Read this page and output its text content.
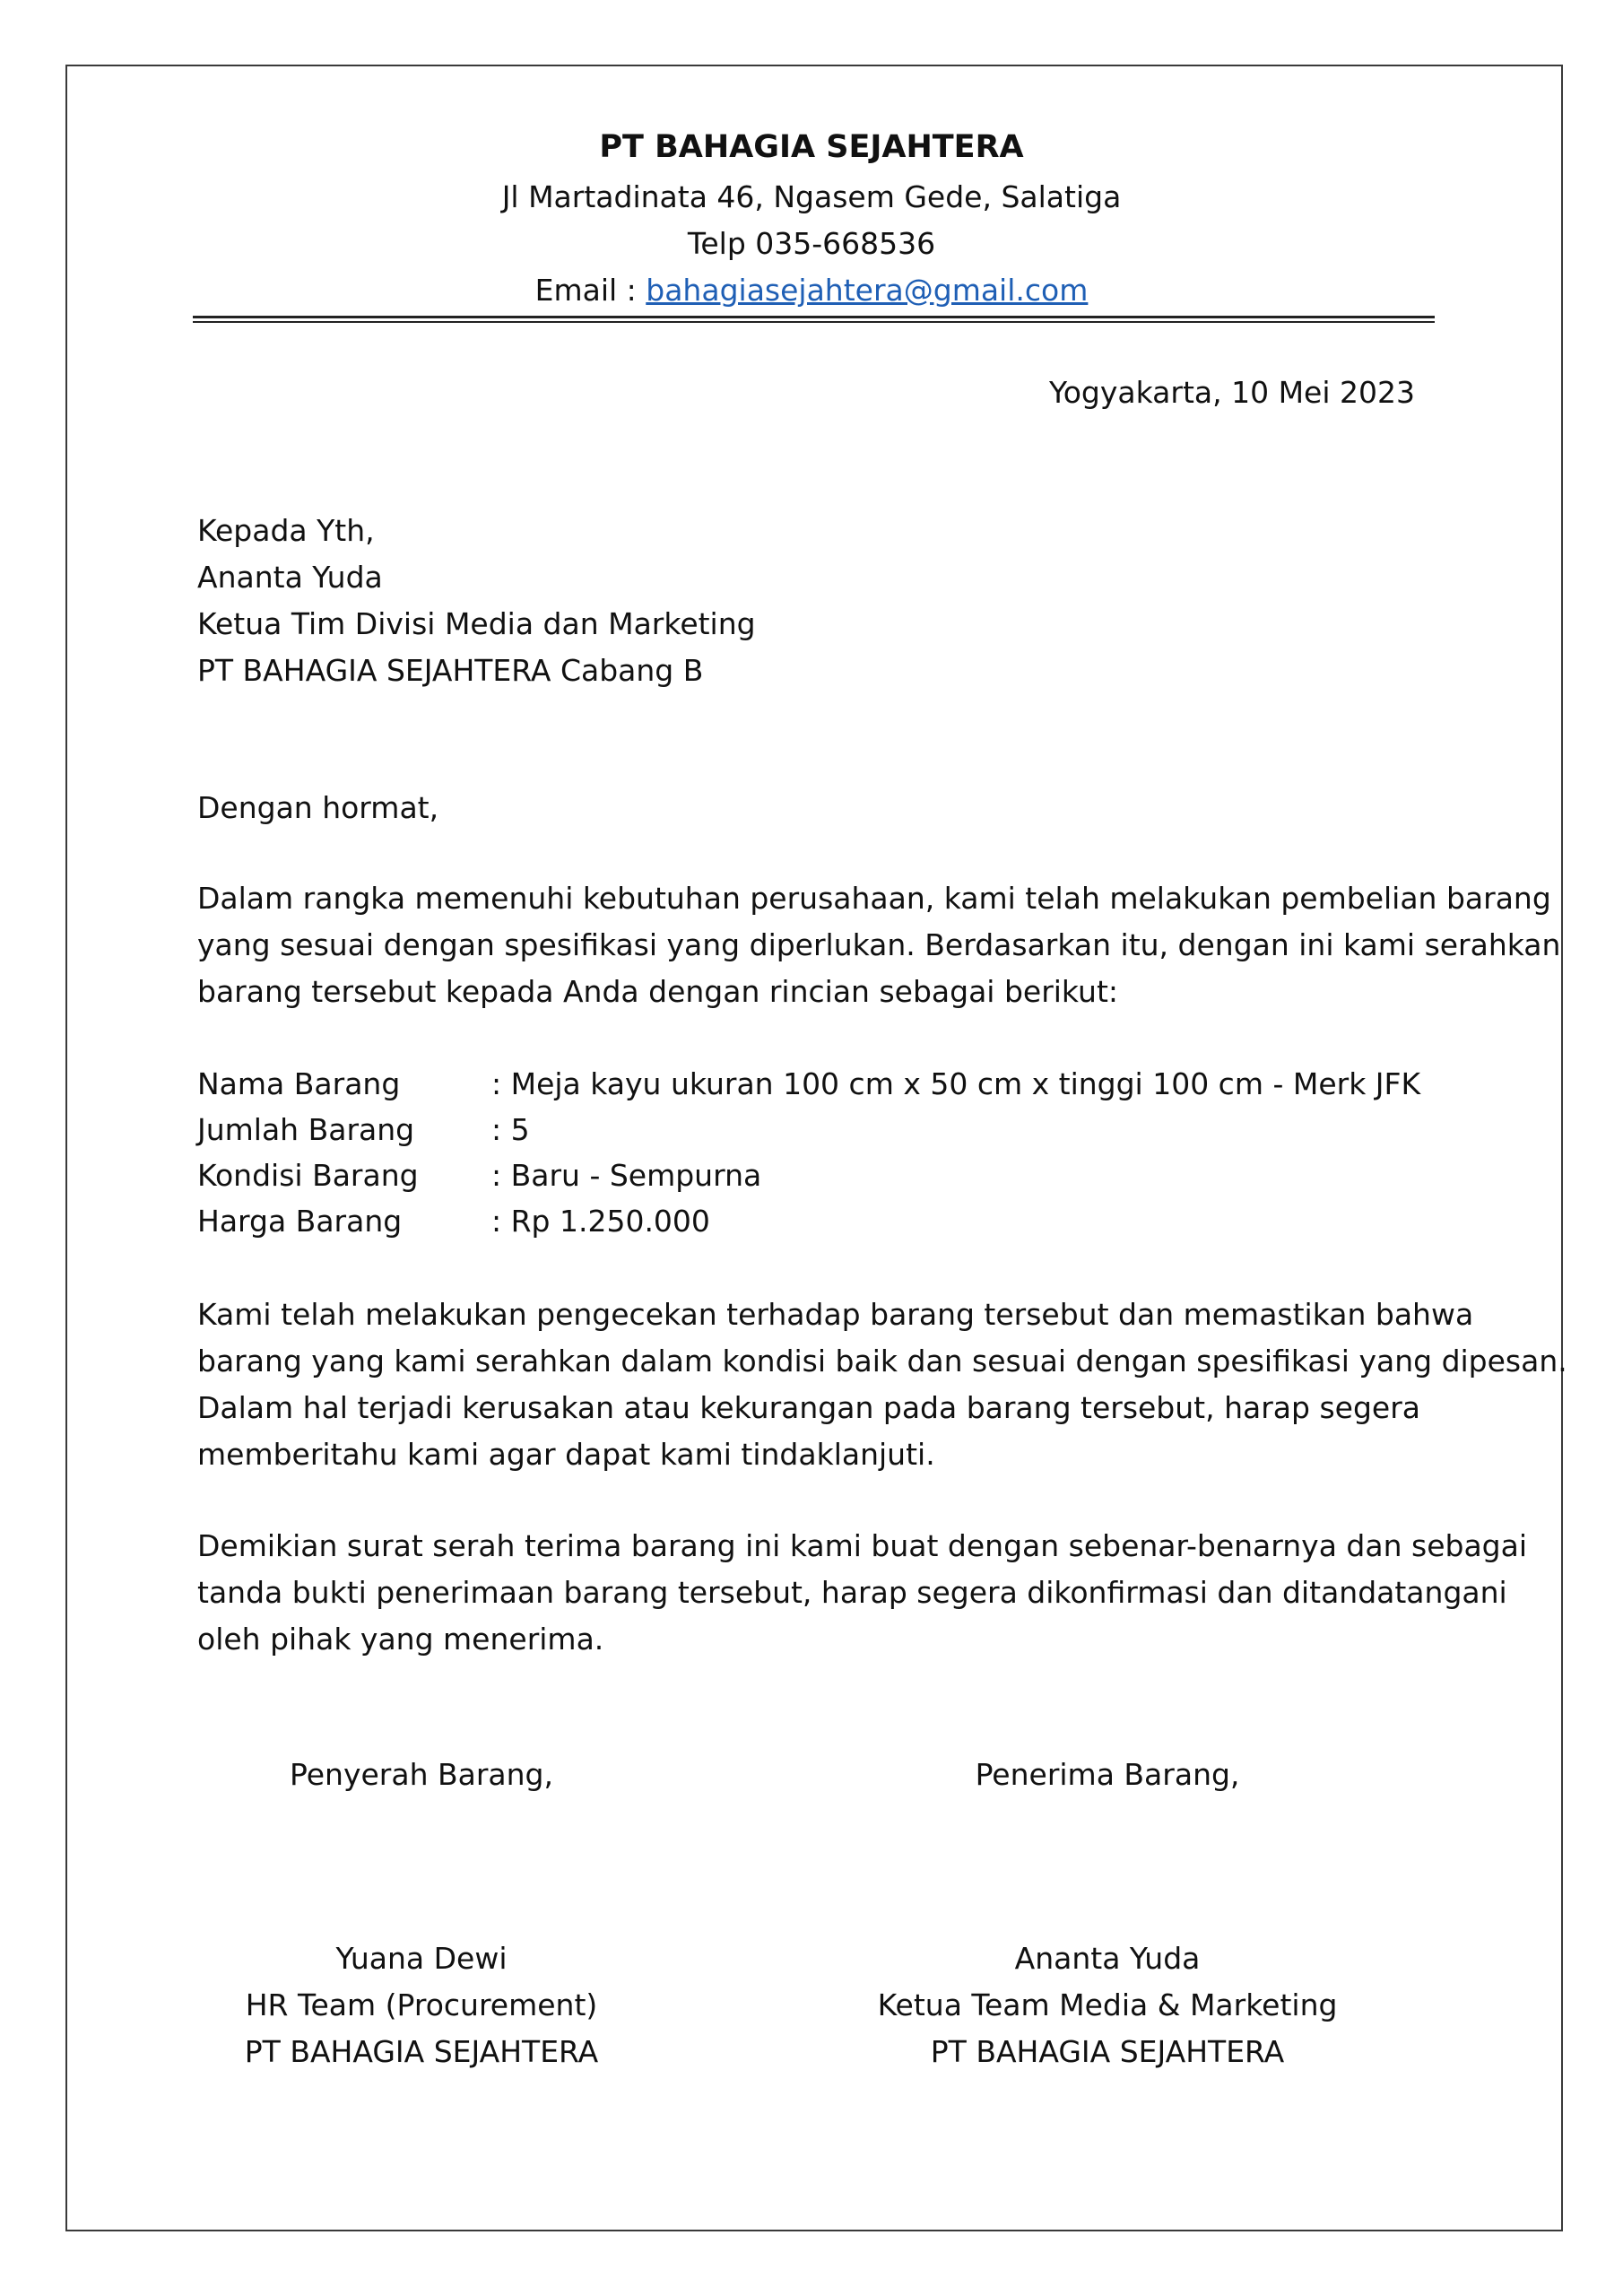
PT BAHAGIA SEJAHTERA
Jl Martadinata 46, Ngasem Gede, Salatiga
Telp 035-668536
Email : bahagiasejahtera@gmail.com
Yogyakarta, 10 Mei 2023
Kepada Yth,
Ananta Yuda
Ketua Tim Divisi Media dan Marketing
PT BAHAGIA SEJAHTERA Cabang B
Dengan hormat,
Dalam rangka memenuhi kebutuhan perusahaan, kami telah melakukan pembelian barang
yang sesuai dengan spesifikasi yang diperlukan. Berdasarkan itu, dengan ini kami serahkan
barang tersebut kepada Anda dengan rincian sebagai berikut:
Nama Barang	: Meja kayu ukuran 100 cm x 50 cm x tinggi 100 cm - Merk JFK
Jumlah Barang	: 5
Kondisi Barang : Baru - Sempurna
Harga Barang	: Rp 1.250.000
Kami telah melakukan pengecekan terhadap barang tersebut dan memastikan bahwa
barang yang kami serahkan dalam kondisi baik dan sesuai dengan spesifikasi yang dipesan.
Dalam hal terjadi kerusakan atau kekurangan pada barang tersebut, harap segera
memberitahu kami agar dapat kami tindaklanjuti.
Demikian surat serah terima barang ini kami buat dengan sebenar-benarnya dan sebagai
tanda bukti penerimaan barang tersebut, harap segera dikonfirmasi dan ditandatangani
oleh pihak yang menerima.
Penyerah Barang,	Penerima Barang,
Yuana Dewi	Ananta Yuda
HR Team (Procurement)	Ketua Team Media & Marketing
PT BAHAGIA SEJAHTERA	PT BAHAGIA SEJAHTERA
